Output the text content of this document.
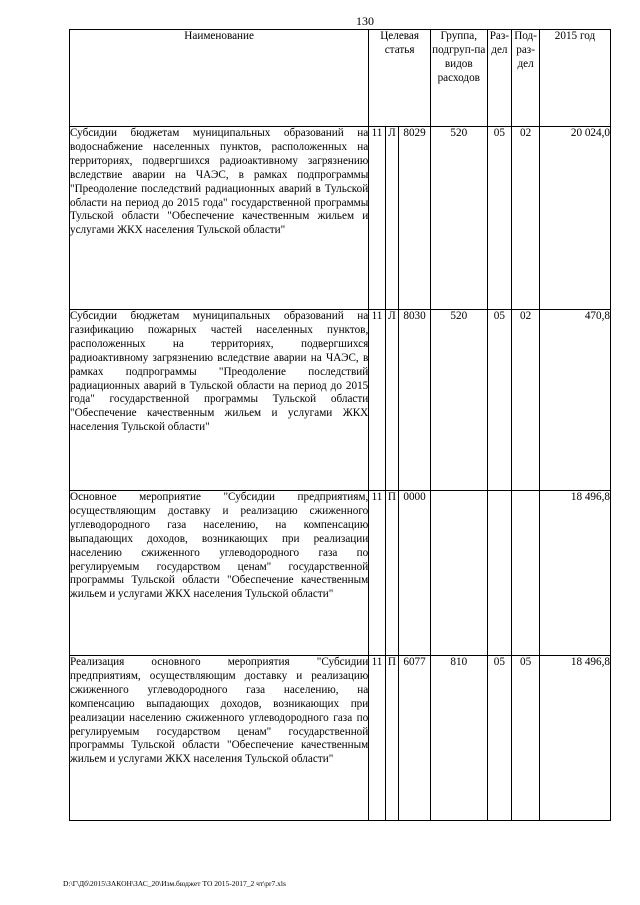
130
Наименование	Целевая статья			Группа, подгруп-па видов расходов	Раз-дел	Под-раз-дел	2015 год
Субсидии бюджетам муниципальных образований на водоснабжение населенных пунктов, расположенных на территориях, подвергшихся радиоактивному загрязнению вследствие аварии на ЧАЭС, в рамках подпрограммы "Преодоление последствий радиационных аварий в Тульской области на период до 2015 года" государственной программы Тульской области "Обеспечение качественным жильем и услугами ЖКХ населения Тульской области"	11	Л	8029	520	05	02	20 024,0
Субсидии бюджетам муниципальных образований на газификацию пожарных частей населенных пунктов, расположенных на территориях, подвергшихся радиоактивному загрязнению вследствие аварии на ЧАЭС, в рамках подпрограммы "Преодоление последствий радиационных аварий в Тульской области на период до 2015 года" государственной программы Тульской области "Обеспечение качественным жильем и услугами ЖКХ населения Тульской области"	11	Л	8030	520	05	02	470,8
Основное мероприятие "Субсидии предприятиям, осуществляющим доставку и реализацию сжиженного углеводородного газа населению, на компенсацию выпадающих доходов, возникающих при реализации населению сжиженного углеводородного газа по регулируемым государством ценам" государственной программы Тульской области "Обеспечение качественным жильем и услугами ЖКХ населения Тульской области"	11	П	0000				18 496,8
Реализация основного мероприятия "Субсидии предприятиям, осуществляющим доставку и реализацию сжиженного углеводородного газа населению, на компенсацию выпадающих доходов, возникающих при реализации населению сжиженного углеводородного газа по регулируемым государством ценам" государственной программы Тульской области "Обеспечение качественным жильем и услугами ЖКХ населения Тульской области"	11	П	6077	810	05	05	18 496,8
D:\Г\Дб\2015\ЗАКОН\ЗАС_20\Изм.бюджет ТО 2015-2017_2 чт\pr7.xls
